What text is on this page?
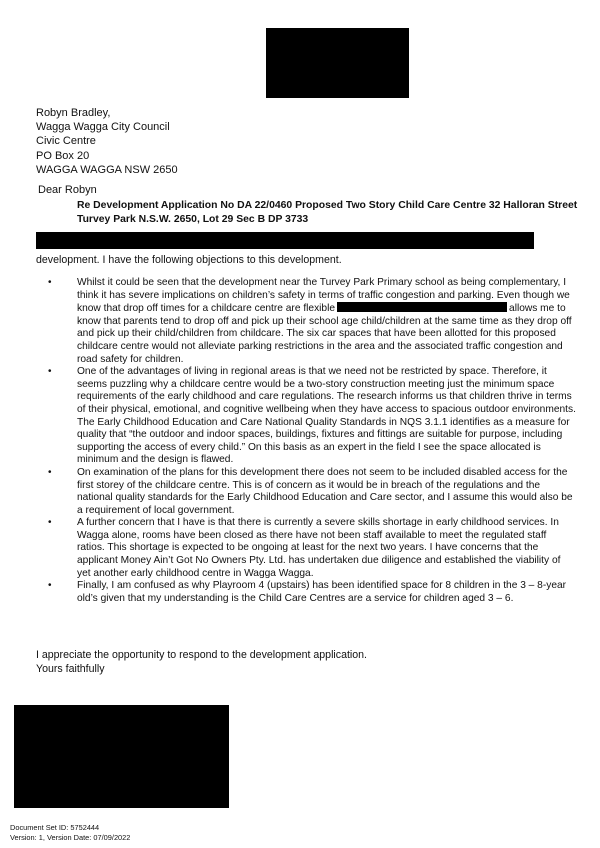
Robyn Bradley,
Wagga Wagga City Council
Civic Centre
PO Box 20
WAGGA WAGGA NSW 2650
Dear Robyn
Re Development Application No DA 22/0460 Proposed Two Story Child Care Centre 32 Halloran Street
Turvey Park N.S.W. 2650, Lot 29 Sec B DP 3733
development. I have the following objections to this development.
• Whilst it could be seen that the development near the Turvey Park Primary school as being complementary, I think it has severe implications on children’s safety in terms of traffic congestion and parking. Even though we know that drop off times for a childcare centre are flexible	allows me to know that parents tend to drop off and pick up their school age child/children at the same time as they drop off and pick up their child/children from childcare. The six car spaces that have been allotted for this proposed childcare centre would not alleviate parking restrictions in the area and the associated traffic congestion and road safety for children.
• One of the advantages of living in regional areas is that we need not be restricted by space. Therefore, it seems puzzling why a childcare centre would be a two-story construction meeting just the minimum space requirements of the early childhood and care regulations. The research informs us that children thrive in terms of their physical, emotional, and cognitive wellbeing when they have access to spacious outdoor environments. The Early Childhood Education and Care National Quality Standards in NQS 3.1.1 identifies as a measure for quality that “the outdoor and indoor spaces, buildings, fixtures and fittings are suitable for purpose, including supporting the access of every child.” On this basis as an expert in the field I see the space allocated is minimum and the design is flawed.
• On examination of the plans for this development there does not seem to be included disabled access for the first storey of the childcare centre. This is of concern as it would be in breach of the regulations and the national quality standards for the Early Childhood Education and Care sector, and I assume this would also be a requirement of local government.
• A further concern that I have is that there is currently a severe skills shortage in early childhood services. In Wagga alone, rooms have been closed as there have not been staff available to meet the regulated staff ratios. This shortage is expected to be ongoing at least for the next two years. I have concerns that the applicant Money Ain’t Got No Owners Pty. Ltd. has undertaken due diligence and established the viability of yet another early childhood centre in Wagga Wagga.
• Finally, I am confused as why Playroom 4 (upstairs) has been identified space for 8 children in the 3 – 8-year old’s given that my understanding is the Child Care Centres are a service for children aged 3 – 6.
I appreciate the opportunity to respond to the development application.
Yours faithfully
Document Set ID: 5752444
Version: 1, Version Date: 07/09/2022
